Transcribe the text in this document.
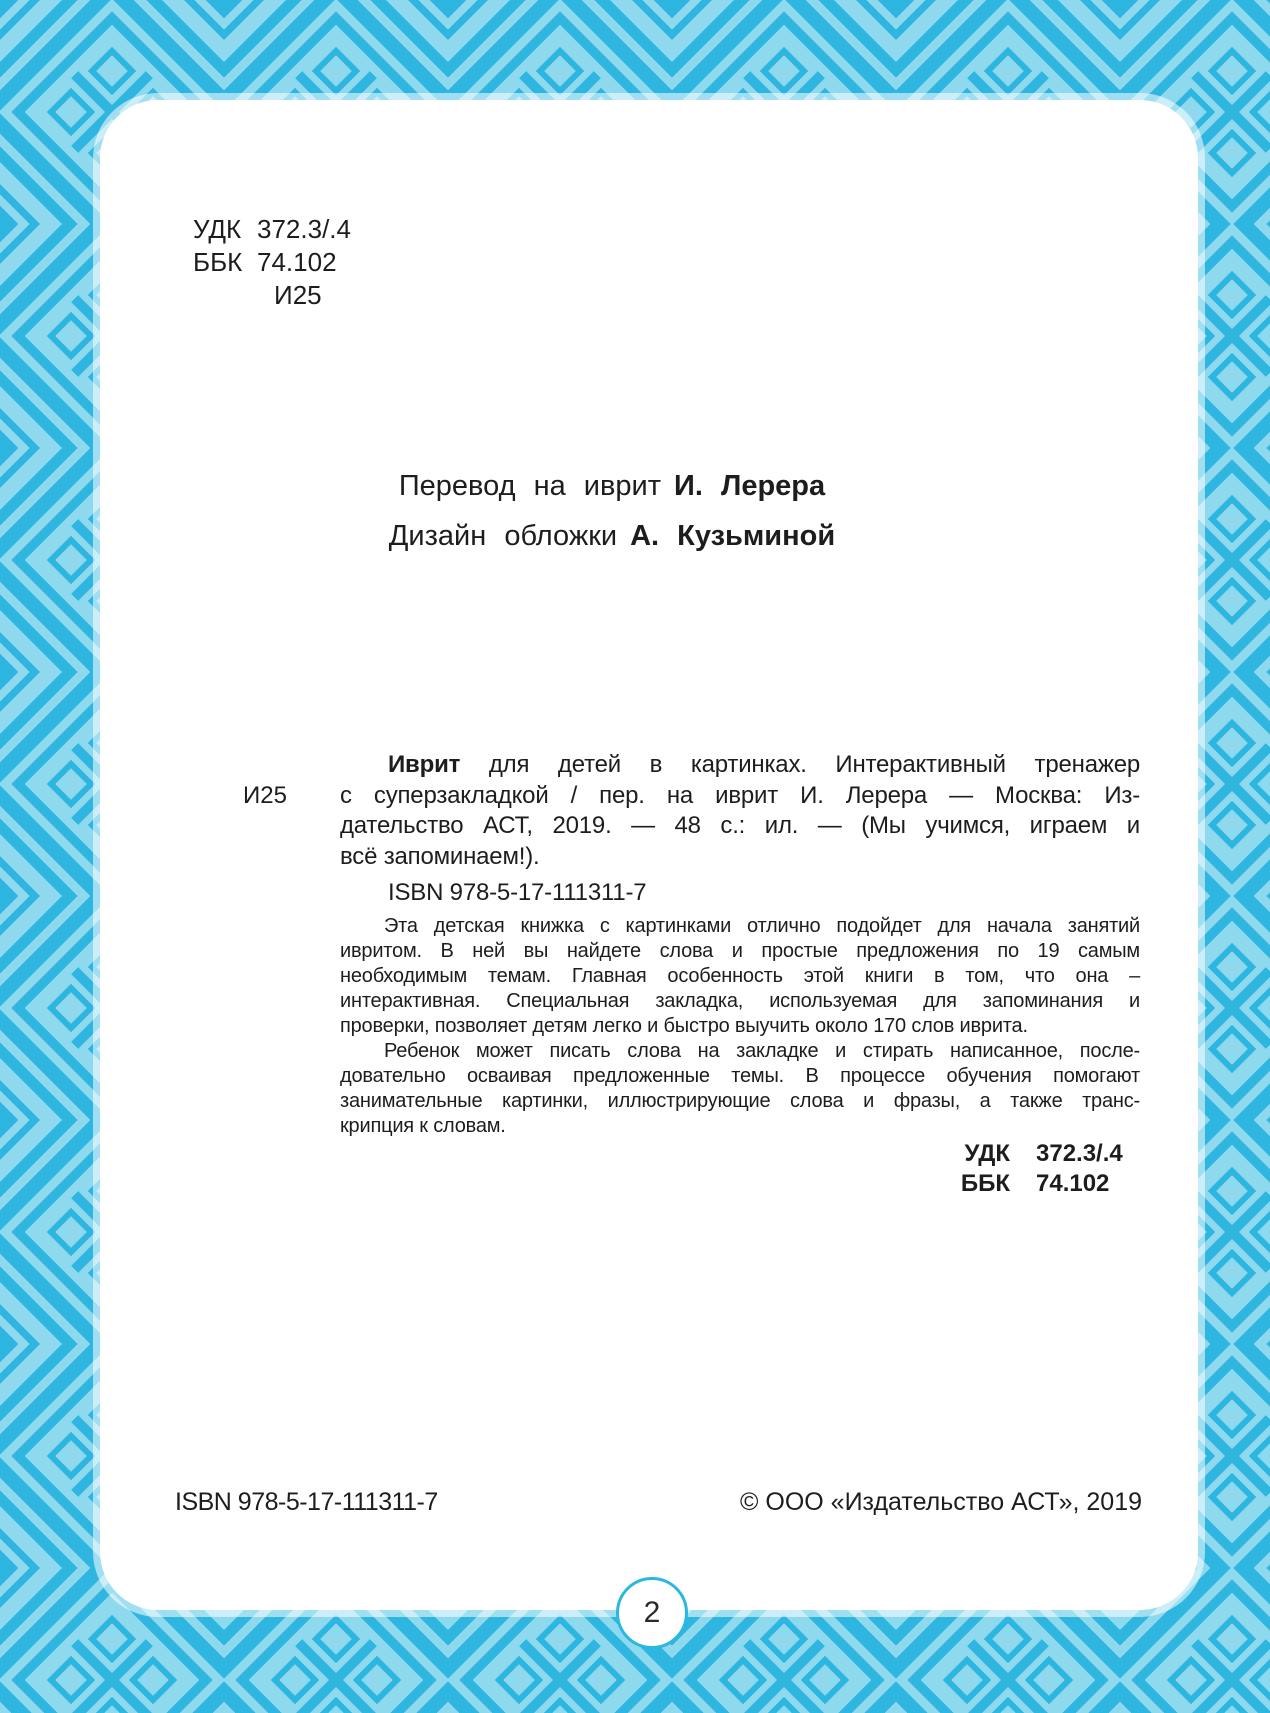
УДК 372.3/.4
ББК 74.102
И25
Перевод на иврит И. Лерера
Дизайн обложки А. Кузьминой
И25
Иврит для детей в картинках. Интерактивный тренажер
с суперзакладкой / пер. на иврит И. Лерера — Москва: Из-
дательство АСТ, 2019. — 48 с.: ил. — (Мы учимся, играем и
всё запоминаем!).
ISBN 978-5-17-111311-7
Эта детская книжка с картинками отлично подойдет для начала занятий
ивритом. В ней вы найдете слова и простые предложения по 19 самым
необходимым темам. Главная особенность этой книги в том, что она –
интерактивная. Специальная закладка, используемая для запоминания и
проверки, позволяет детям легко и быстро выучить около 170 слов иврита.
Ребенок может писать слова на закладке и стирать написанное, после-
довательно осваивая предложенные темы. В процессе обучения помогают
занимательные картинки, иллюстрирующие слова и фразы, а также транс-
крипция к словам.
УДК 372.3/.4
ББК 74.102
ISBN 978-5-17-111311-7	© ООО «Издательство АСТ», 2019
2
